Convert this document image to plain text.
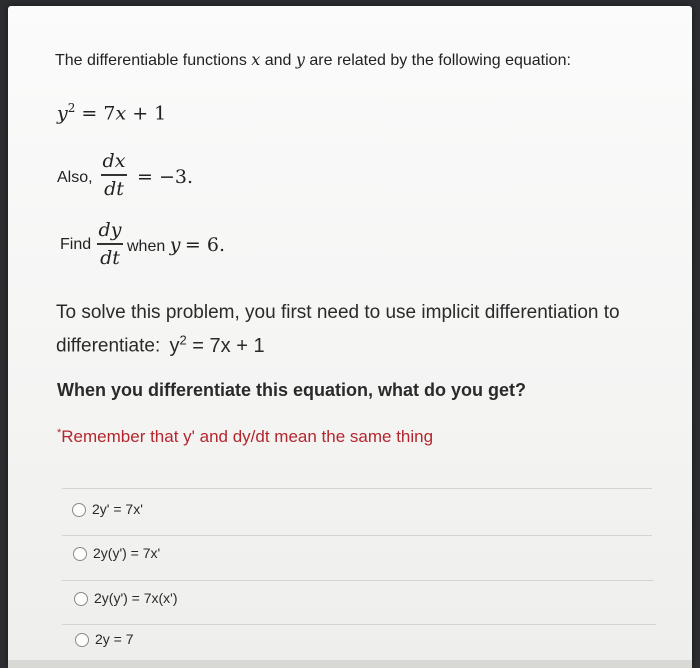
The differentiable functions x and y are related by the following equation:
$y^2 = 7x + 1$
Also,
dx
dt
= −3.
Find
dy
dt when y = 6.
To solve this problem, you first need to use implicit differentiation to
differentiate: $y^2 = 7x + 1$
When you differentiate this equation, what do you get?
*Remember that y' and dy/dt mean the same thing
2y' = 7x'
2y(y') = 7x'
2y(y') = 7x(x')
2y = 7
